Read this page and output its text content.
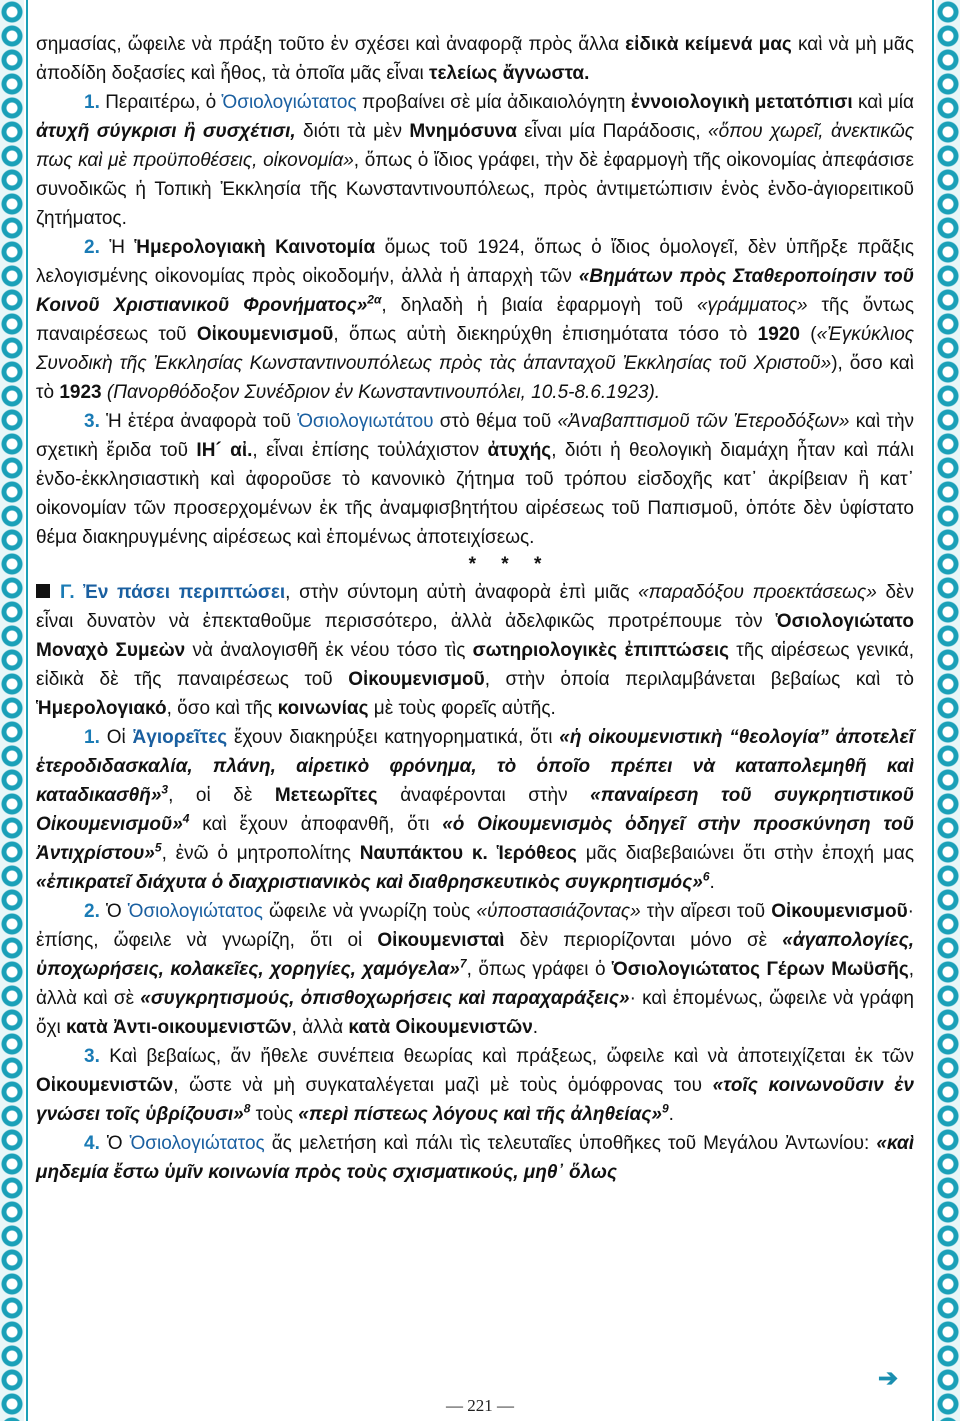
σημασίας, ὤφειλε νὰ πράξη τοῦτο ἐν σχέσει καὶ ἀναφορᾷ πρὸς ἄλλα εἰδικὰ κείμενά μας καὶ νὰ μὴ μᾶς ἀποδίδη δοξασίες καὶ ἦθος, τὰ ὁποῖα μᾶς εἶναι τελείως ἄγνωστα.

1. Περαιτέρω, ὁ Ὁσιολογιώτατος προβαίνει σὲ μία ἀδικαιολόγητη ἐννοιολογικὴ μετατόπισι καὶ μία ἀτυχῆ σύγκρισι ἢ συσχέτισι, διότι τὰ μὲν Μνημόσυνα εἶναι μία Παράδοσις, «ὅπου χωρεῖ, ἀνεκτικῶς πως καὶ μὲ προϋποθέσεις, οἰκονομία», ὅπως ὁ ἴδιος γράφει, τὴν δὲ ἐφαρμογὴ τῆς οἰκονομίας ἀπεφάσισε συνοδικῶς ἡ Τοπικὴ Ἐκκλησία τῆς Κωνσταντινουπόλεως, πρὸς ἀντιμετώπισιν ἑνὸς ἐνδο-ἀγιορειτικοῦ ζητήματος.

2. Ἡ Ἡμερολογιακὴ Καινοτομία ὅμως τοῦ 1924, ὅπως ὁ ἴδιος ὁμολογεῖ, δὲν ὑπῆρξε πρᾶξις λελογισμένης οἰκονομίας πρὸς οἰκοδομήν, ἀλλὰ ἡ ἀπαρχὴ τῶν «Βημάτων πρὸς Σταθεροποίησιν τοῦ Κοινοῦ Χριστιανικοῦ Φρονήματος»$^{2\alpha}$, δηλαδὴ ἡ βιαία ἐφαρμογὴ τοῦ «γράμματος» τῆς ὄντως παναιρέσεως τοῦ Οἰκουμενισμοῦ, ὅπως αὐτὴ διεκηρύχθη ἐπισημότατα τόσο τὸ 1920 («Ἐγκύκλιος Συνοδικὴ τῆς Ἐκκλησίας Κωνσταντινουπόλεως πρὸς τὰς ἁπανταχοῦ Ἐκκλησίας τοῦ Χριστοῦ»), ὅσο καὶ τὸ 1923 (Πανορθόδοξον Συνέδριον ἐν Κωνσταντινουπόλει, 10.5-8.6.1923).

3. Ἡ ἑτέρα ἀναφορὰ τοῦ Ὁσιολογιωτάτου στὸ θέμα τοῦ «Ἀναβαπτισμοῦ τῶν Ἑτεροδόξων» καὶ τὴν σχετικὴ ἔριδα τοῦ ΙΗ´ αἰ., εἶναι ἐπίσης τοὐλάχιστον ἀτυχής, διότι ἡ θεολογικὴ διαμάχη ἦταν καὶ πάλι ἐνδο-ἐκκλησιαστικὴ καὶ ἀφοροῦσε τὸ κανονικὸ ζήτημα τοῦ τρόπου εἰσδοχῆς κατ᾽ ἀκρίβειαν ἢ κατ᾽ οἰκονομίαν τῶν προσερχομένων ἐκ τῆς ἀναμφισβητήτου αἱρέσεως τοῦ Παπισμοῦ, ὁπότε δὲν ὑφίστατο θέμα διακηρυγμένης αἱρέσεως καὶ ἑπομένως ἀποτειχίσεως.

* * *

Γ. Ἐν πάσει περιπτώσει, στὴν σύντομη αὐτὴ ἀναφορὰ ἐπὶ μιᾶς «παραδόξου προεκτάσεως» δὲν εἶναι δυνατὸν νὰ ἐπεκταθοῦμε περισσότερο, ἀλλὰ ἀδελφικῶς προτρέπουμε τὸν Ὁσιολογιώτατο Μοναχὸ Συμεὼν νὰ ἀναλογισθῆ ἐκ νέου τόσο τὶς σωτηριολογικὲς ἐπιπτώσεις τῆς αἱρέσεως γενικά, εἰδικὰ δὲ τῆς παναιρέσεως τοῦ Οἰκουμενισμοῦ, στὴν ὁποία περιλαμβάνεται βεβαίως καὶ τὸ Ἡμερολογιακό, ὅσο καὶ τῆς κοινωνίας μὲ τοὺς φορεῖς αὐτῆς.

1. Οἱ Ἁγιορεῖτες ἔχουν διακηρύξει κατηγορηματικά, ὅτι «ἡ οἰκουμενιστικὴ “θεολογία” ἀποτελεῖ ἑτεροδιδασκαλία, πλάνη, αἱρετικὸ φρόνημα, τὸ ὁποῖο πρέπει νὰ καταπολεμηθῆ καὶ καταδικασθῆ»$^3$, οἱ δὲ Μετεωρῖτες ἀναφέρονται στὴν «παναίρεση τοῦ συγκρητιστικοῦ Οἰκουμενισμοῦ»$^4$ καὶ ἔχουν ἀποφανθῆ, ὅτι «ὁ Οἰκουμενισμὸς ὁδηγεῖ στὴν προσκύνηση τοῦ Ἀντιχρίστου»$^5$, ἐνῶ ὁ μητροπολίτης Ναυπάκτου κ. Ἱερόθεος μᾶς διαβεβαιώνει ὅτι στὴν ἐποχή μας «ἐπικρατεῖ διάχυτα ὁ διαχριστιανικὸς καὶ διαθρησκευτικὸς συγκρητισμός»$^6$.

2. Ὁ Ὁσιολογιώτατος ὤφειλε νὰ γνωρίζη τοὺς «ὑποστασιάζοντας» τὴν αἵρεσι τοῦ Οἰκουμενισμοῦ· ἐπίσης, ὤφειλε νὰ γνωρίζη, ὅτι οἱ Οἰκουμενισταὶ δὲν περιορίζονται μόνο σὲ «ἀγαπολογίες, ὑποχωρήσεις, κολακεῖες, χορηγίες, χαμόγελα»$^7$, ὅπως γράφει ὁ Ὁσιολογιώτατος Γέρων Μωϋσῆς, ἀλλὰ καὶ σὲ «συγκρητισμούς, ὀπισθοχωρήσεις καὶ παραχαράξεις»· καὶ ἑπομένως, ὤφειλε νὰ γράφη ὄχι κατὰ Ἀντι-οικουμενιστῶν, ἀλλὰ κατὰ Οἰκουμενιστῶν.

3. Καὶ βεβαίως, ἄν ἤθελε συνέπεια θεωρίας καὶ πράξεως, ὤφειλε καὶ νὰ ἀποτειχίζεται ἐκ τῶν Οἰκουμενιστῶν, ὥστε νὰ μὴ συγκαταλέγεται μαζὶ μὲ τοὺς ὁμόφρονας του «τοῖς κοινωνοῦσιν ἐν γνώσει τοῖς ὑβρίζουσι»$^8$ τοὺς «περὶ πίστεως λόγους καὶ τῆς ἀληθείας»$^9$.

4. Ὁ Ὁσιολογιώτατος ἄς μελετήση καὶ πάλι τὶς τελευταῖες ὑποθῆκες τοῦ Μεγάλου Ἀντωνίου: «καὶ μηδεμία ἔστω ὑμῖν κοινωνία πρὸς τοὺς σχισματικούς, μηθ᾽ ὅλως

➔
— 221 —
